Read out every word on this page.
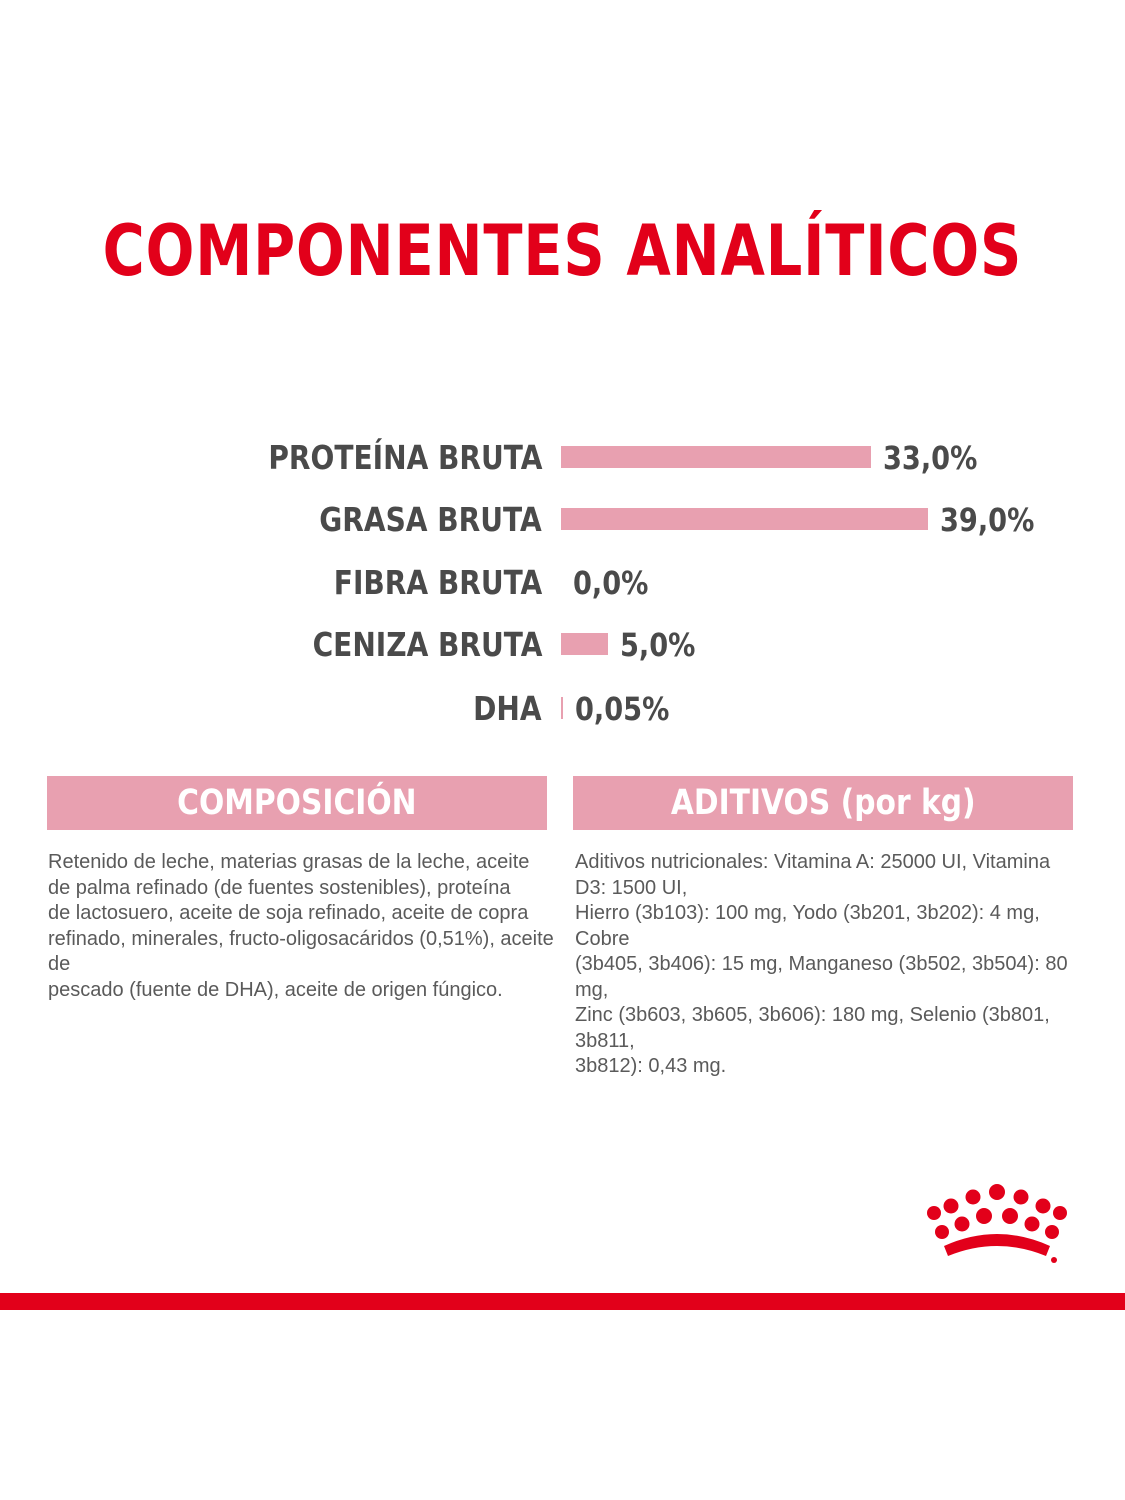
COMPONENTES ANALÍTICOS
PROTEÍNA BRUTA	33,0%
GRASA BRUTA	39,0%
FIBRA BRUTA 0,0%
CENIZA BRUTA 5,0%
DHA 0,05%
COMPOSICIÓN	ADITIVOS (por kg)
Retenido de leche, materias grasas de la leche, aceite
de palma refinado (de fuentes sostenibles), proteína
de lactosuero, aceite de soja refinado, aceite de copra
refinado, minerales, fructo-oligosacáridos (0,51%), aceite de
pescado (fuente de DHA), aceite de origen fúngico.
Aditivos nutricionales: Vitamina A: 25000 UI, Vitamina D3: 1500 UI,
Hierro (3b103): 100 mg, Yodo (3b201, 3b202): 4 mg, Cobre
(3b405, 3b406): 15 mg, Manganeso (3b502, 3b504): 80 mg,
Zinc (3b603, 3b605, 3b606): 180 mg, Selenio (3b801, 3b811,
3b812): 0,43 mg.
